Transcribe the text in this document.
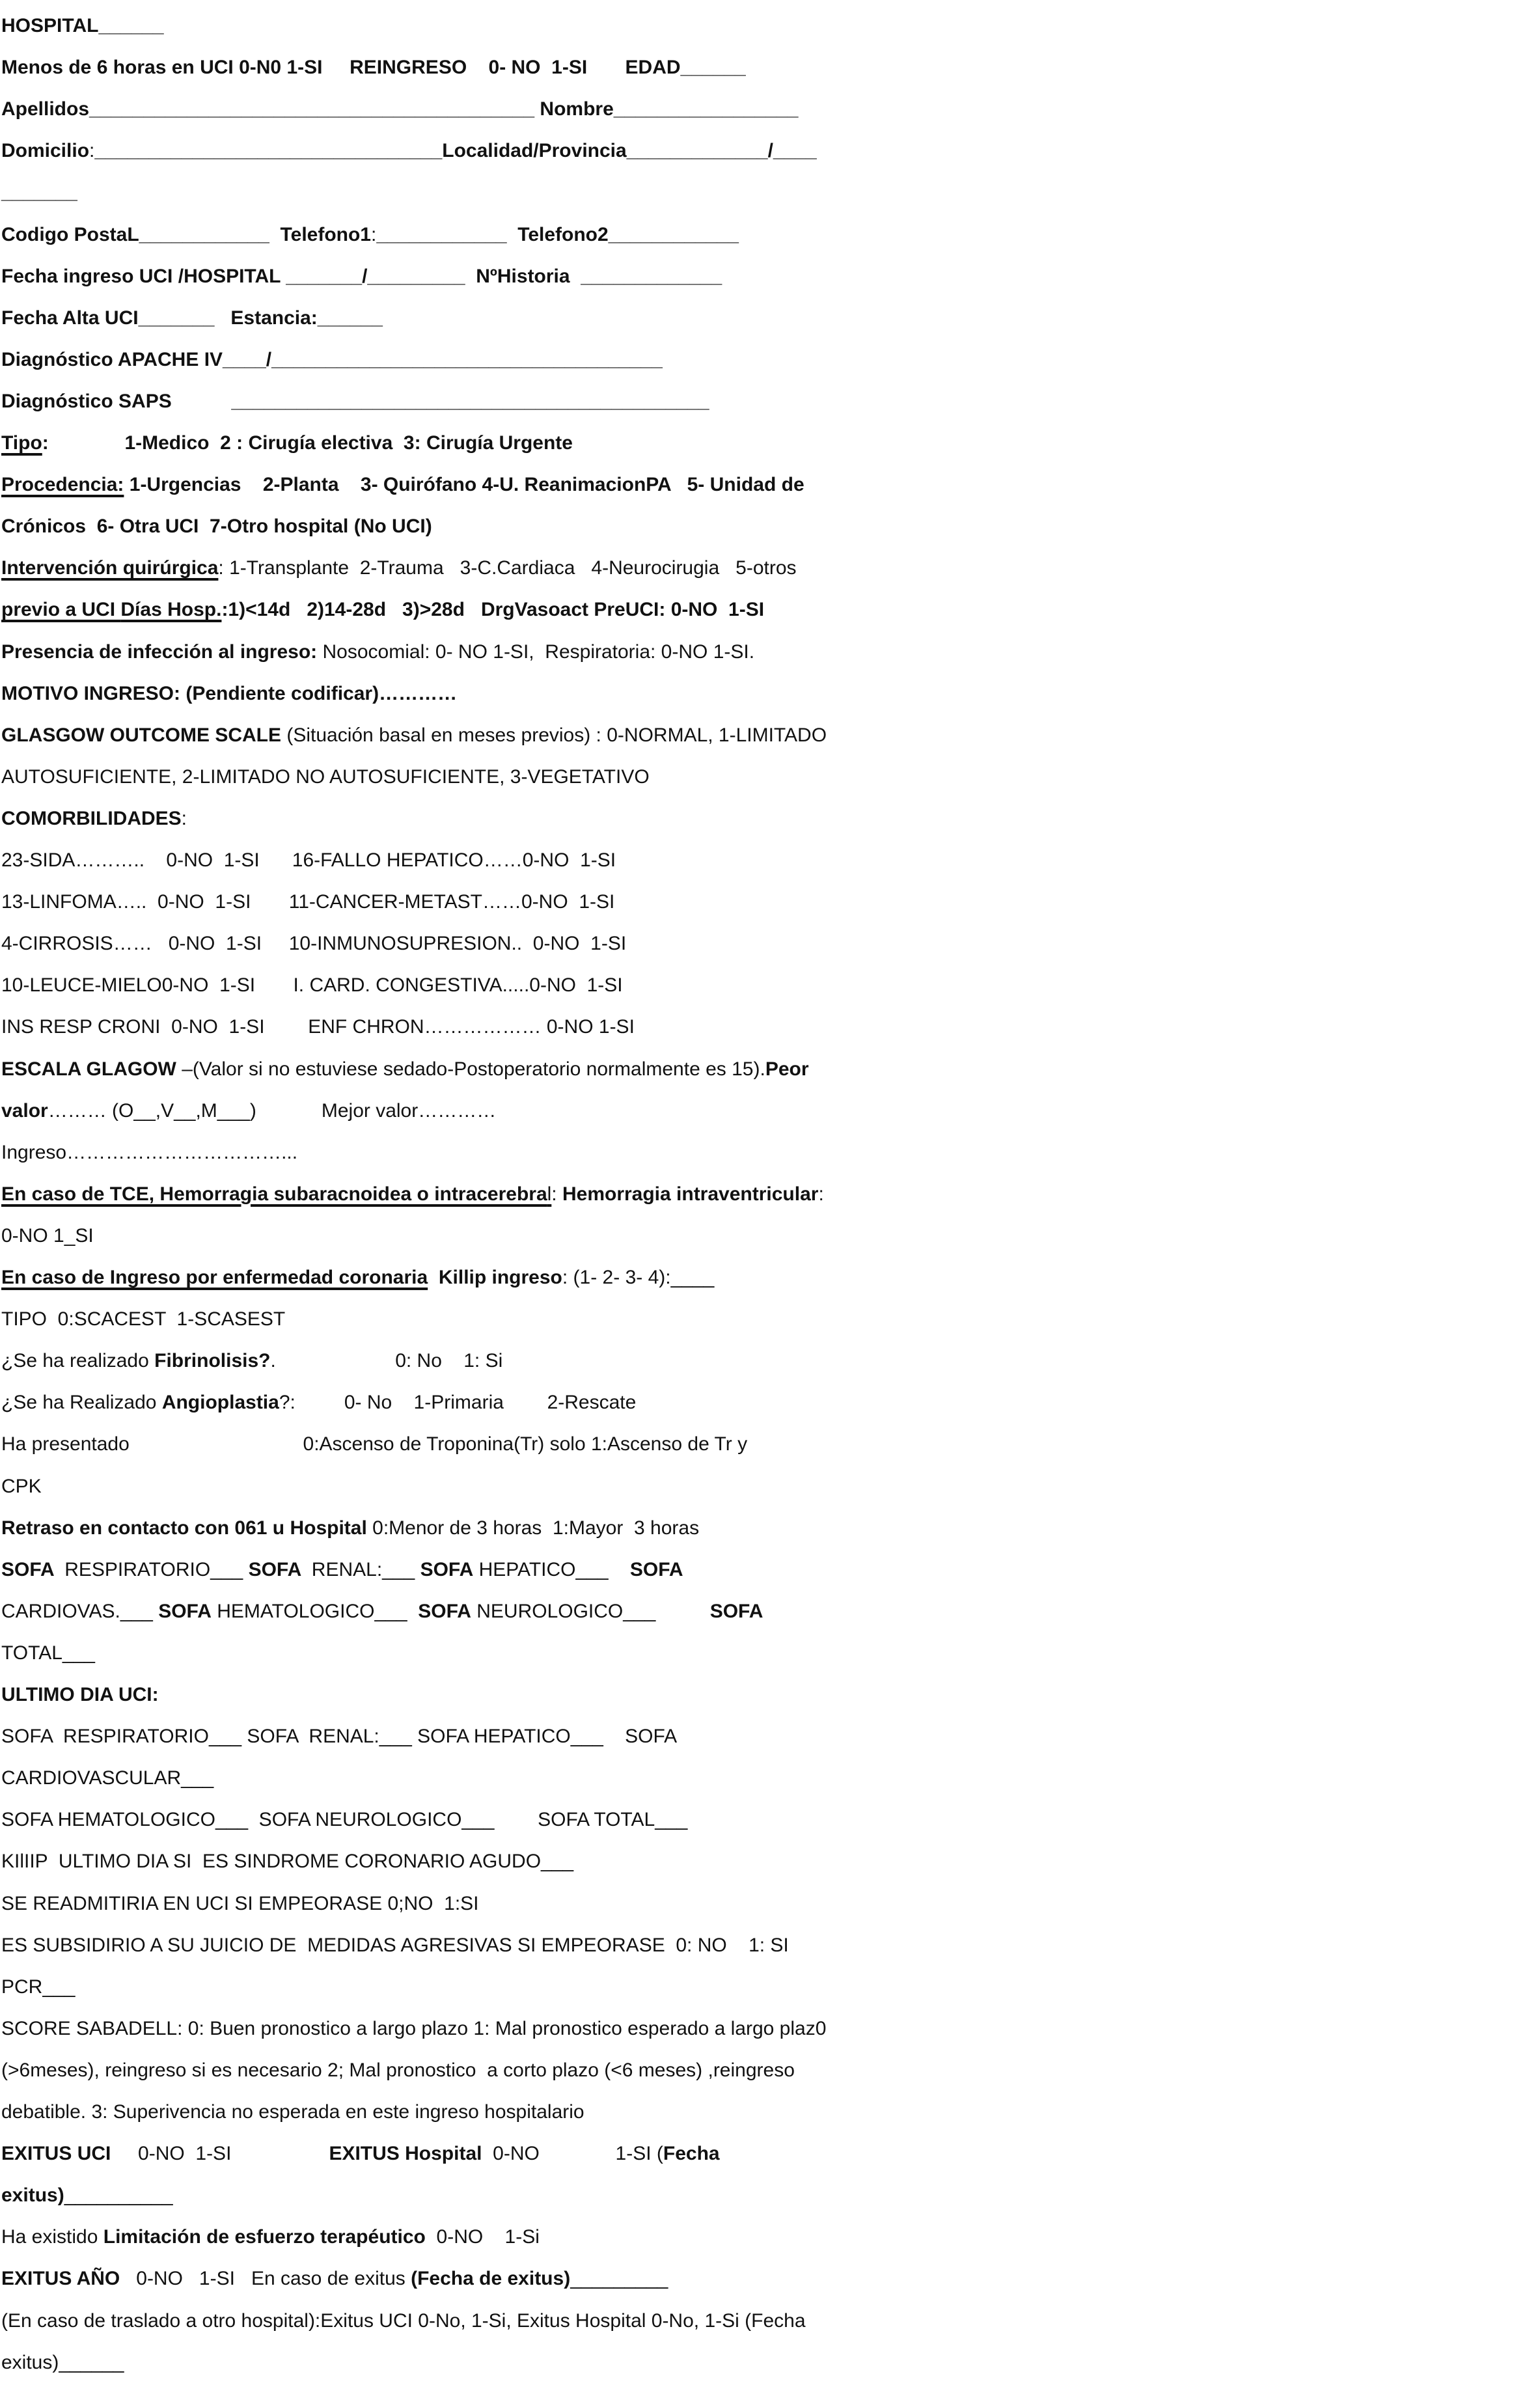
HOSPITAL______
Menos de 6 horas en UCI 0-N0 1-SI     REINGRESO    0- NO  1-SI       EDAD______
Apellidos_________________________________________ Nombre_________________
Domicilio:________________________________Localidad/Provincia_____________/____
_______
Codigo PostaL____________  Telefono1:____________  Telefono2____________
Fecha ingreso UCI /HOSPITAL _______/_________  NºHistoria  _____________
Fecha Alta UCI_______   Estancia:______
Diagnóstico APACHE IV____/____________________________________
Diagnóstico SAPS           ____________________________________________
Tipo:              1-Medico  2 : Cirugía electiva  3: Cirugía Urgente
Procedencia: 1-Urgencias    2-Planta    3- Quirófano 4-U. ReanimacionPA   5- Unidad de
Crónicos  6- Otra UCI  7-Otro hospital (No UCI)
Intervención quirúrgica: 1-Transplante  2-Trauma   3-C.Cardiaca   4-Neurocirugia   5-otros
previo a UCI Días Hosp.:1)<14d   2)14-28d   3)>28d   DrgVasoact PreUCI: 0-NO  1-SI
Presencia de infección al ingreso: Nosocomial: 0- NO 1-SI,  Respiratoria: 0-NO 1-SI.
MOTIVO INGRESO: (Pendiente codificar)…………
GLASGOW OUTCOME SCALE (Situación basal en meses previos) : 0-NORMAL, 1-LIMITADO
AUTOSUFICIENTE, 2-LIMITADO NO AUTOSUFICIENTE, 3-VEGETATIVO
COMORBILIDADES:
23-SIDA………..    0-NO  1-SI      16-FALLO HEPATICO……0-NO  1-SI
13-LINFOMA…..  0-NO  1-SI       11-CANCER-METAST……0-NO  1-SI
4-CIRROSIS……   0-NO  1-SI     10-INMUNOSUPRESION..  0-NO  1-SI
10-LEUCE-MIELO0-NO  1-SI       I. CARD. CONGESTIVA.....0-NO  1-SI
INS RESP CRONI  0-NO  1-SI        ENF CHRON……………… 0-NO 1-SI
ESCALA GLAGOW –(Valor si no estuviese sedado-Postoperatorio normalmente es 15).Peor
valor……… (O__,V__,M___)            Mejor valor…………
Ingreso……………………………...
En caso de TCE, Hemorragia subaracnoidea o intracerebral: Hemorragia intraventricular:
0-NO 1_SI
En caso de Ingreso por enfermedad coronaria  Killip ingreso: (1- 2- 3- 4):____
TIPO  0:SCACEST  1-SCASEST
¿Se ha realizado Fibrinolisis?.                      0: No    1: Si
¿Se ha Realizado Angioplastia?:         0- No    1-Primaria        2-Rescate
Ha presentado                                0:Ascenso de Troponina(Tr) solo 1:Ascenso de Tr y
CPK
Retraso en contacto con 061 u Hospital 0:Menor de 3 horas  1:Mayor  3 horas
SOFA  RESPIRATORIO___ SOFA  RENAL:___ SOFA HEPATICO___    SOFA
CARDIOVAS.___ SOFA HEMATOLOGICO___  SOFA NEUROLOGICO___          SOFA
TOTAL___
ULTIMO DIA UCI:
SOFA  RESPIRATORIO___ SOFA  RENAL:___ SOFA HEPATICO___    SOFA
CARDIOVASCULAR___
SOFA HEMATOLOGICO___  SOFA NEUROLOGICO___        SOFA TOTAL___
KIlIIP  ULTIMO DIA SI  ES SINDROME CORONARIO AGUDO___
SE READMITIRIA EN UCI SI EMPEORASE 0;NO  1:SI
ES SUBSIDIRIO A SU JUICIO DE  MEDIDAS AGRESIVAS SI EMPEORASE  0: NO    1: SI
PCR___
SCORE SABADELL: 0: Buen pronostico a largo plazo 1: Mal pronostico esperado a largo plaz0
(>6meses), reingreso si es necesario 2; Mal pronostico  a corto plazo (<6 meses) ,reingreso
debatible. 3: Superivencia no esperada en este ingreso hospitalario
EXITUS UCI     0-NO  1-SI                  EXITUS Hospital  0-NO              1-SI (Fecha
exitus)__________
Ha existido Limitación de esfuerzo terapéutico  0-NO    1-Si
EXITUS AÑO   0-NO   1-SI   En caso de exitus (Fecha de exitus)_________
(En caso de traslado a otro hospital):Exitus UCI 0-No, 1-Si, Exitus Hospital 0-No, 1-Si (Fecha
exitus)______
